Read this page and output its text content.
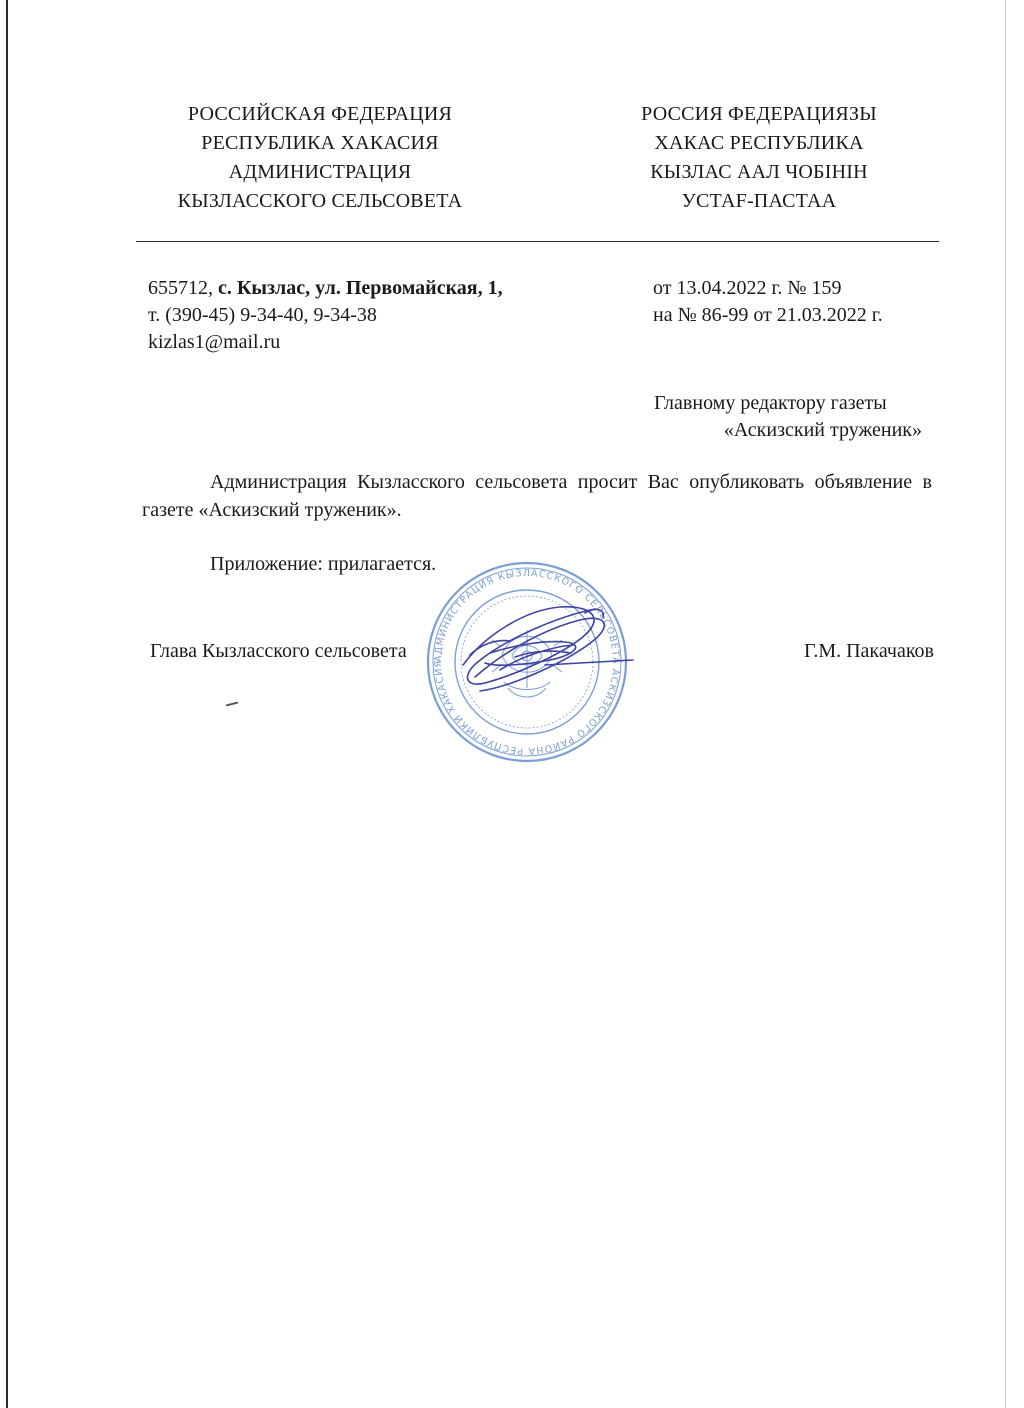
РОССИЙСКАЯ ФЕДЕРАЦИЯ
РЕСПУБЛИКА ХАКАСИЯ
АДМИНИСТРАЦИЯ
КЫЗЛАССКОГО СЕЛЬСОВЕТА
РОССИЯ ФЕДЕРАЦИЯЗЫ
ХАКАС РЕСПУБЛИКА
КЫЗЛАС ААЛ ЧОБIНIН
УСТАF-ПАСТАА
655712, с. Кызлас, ул. Первомайская, 1,
т. (390-45) 9-34-40, 9-34-38
kizlas1@mail.ru
от 13.04.2022 г. № 159
на № 86-99 от 21.03.2022 г.
Главному редактору газеты
«Аскизский труженик»

Администрация Кызласского сельсовета просит Вас опубликовать объявление в газете «Аскизский труженик».

Приложение: прилагается.
Глава Кызласского сельсовета	Г.М. Пакачаков
АДМИНИСТРАЦИЯ КЫЗЛАССКОГО СЕЛЬСОВЕТА АСКИЗСКОГО РАЙОНА РЕСПУБЛИКИ ХАКАСИЯ
